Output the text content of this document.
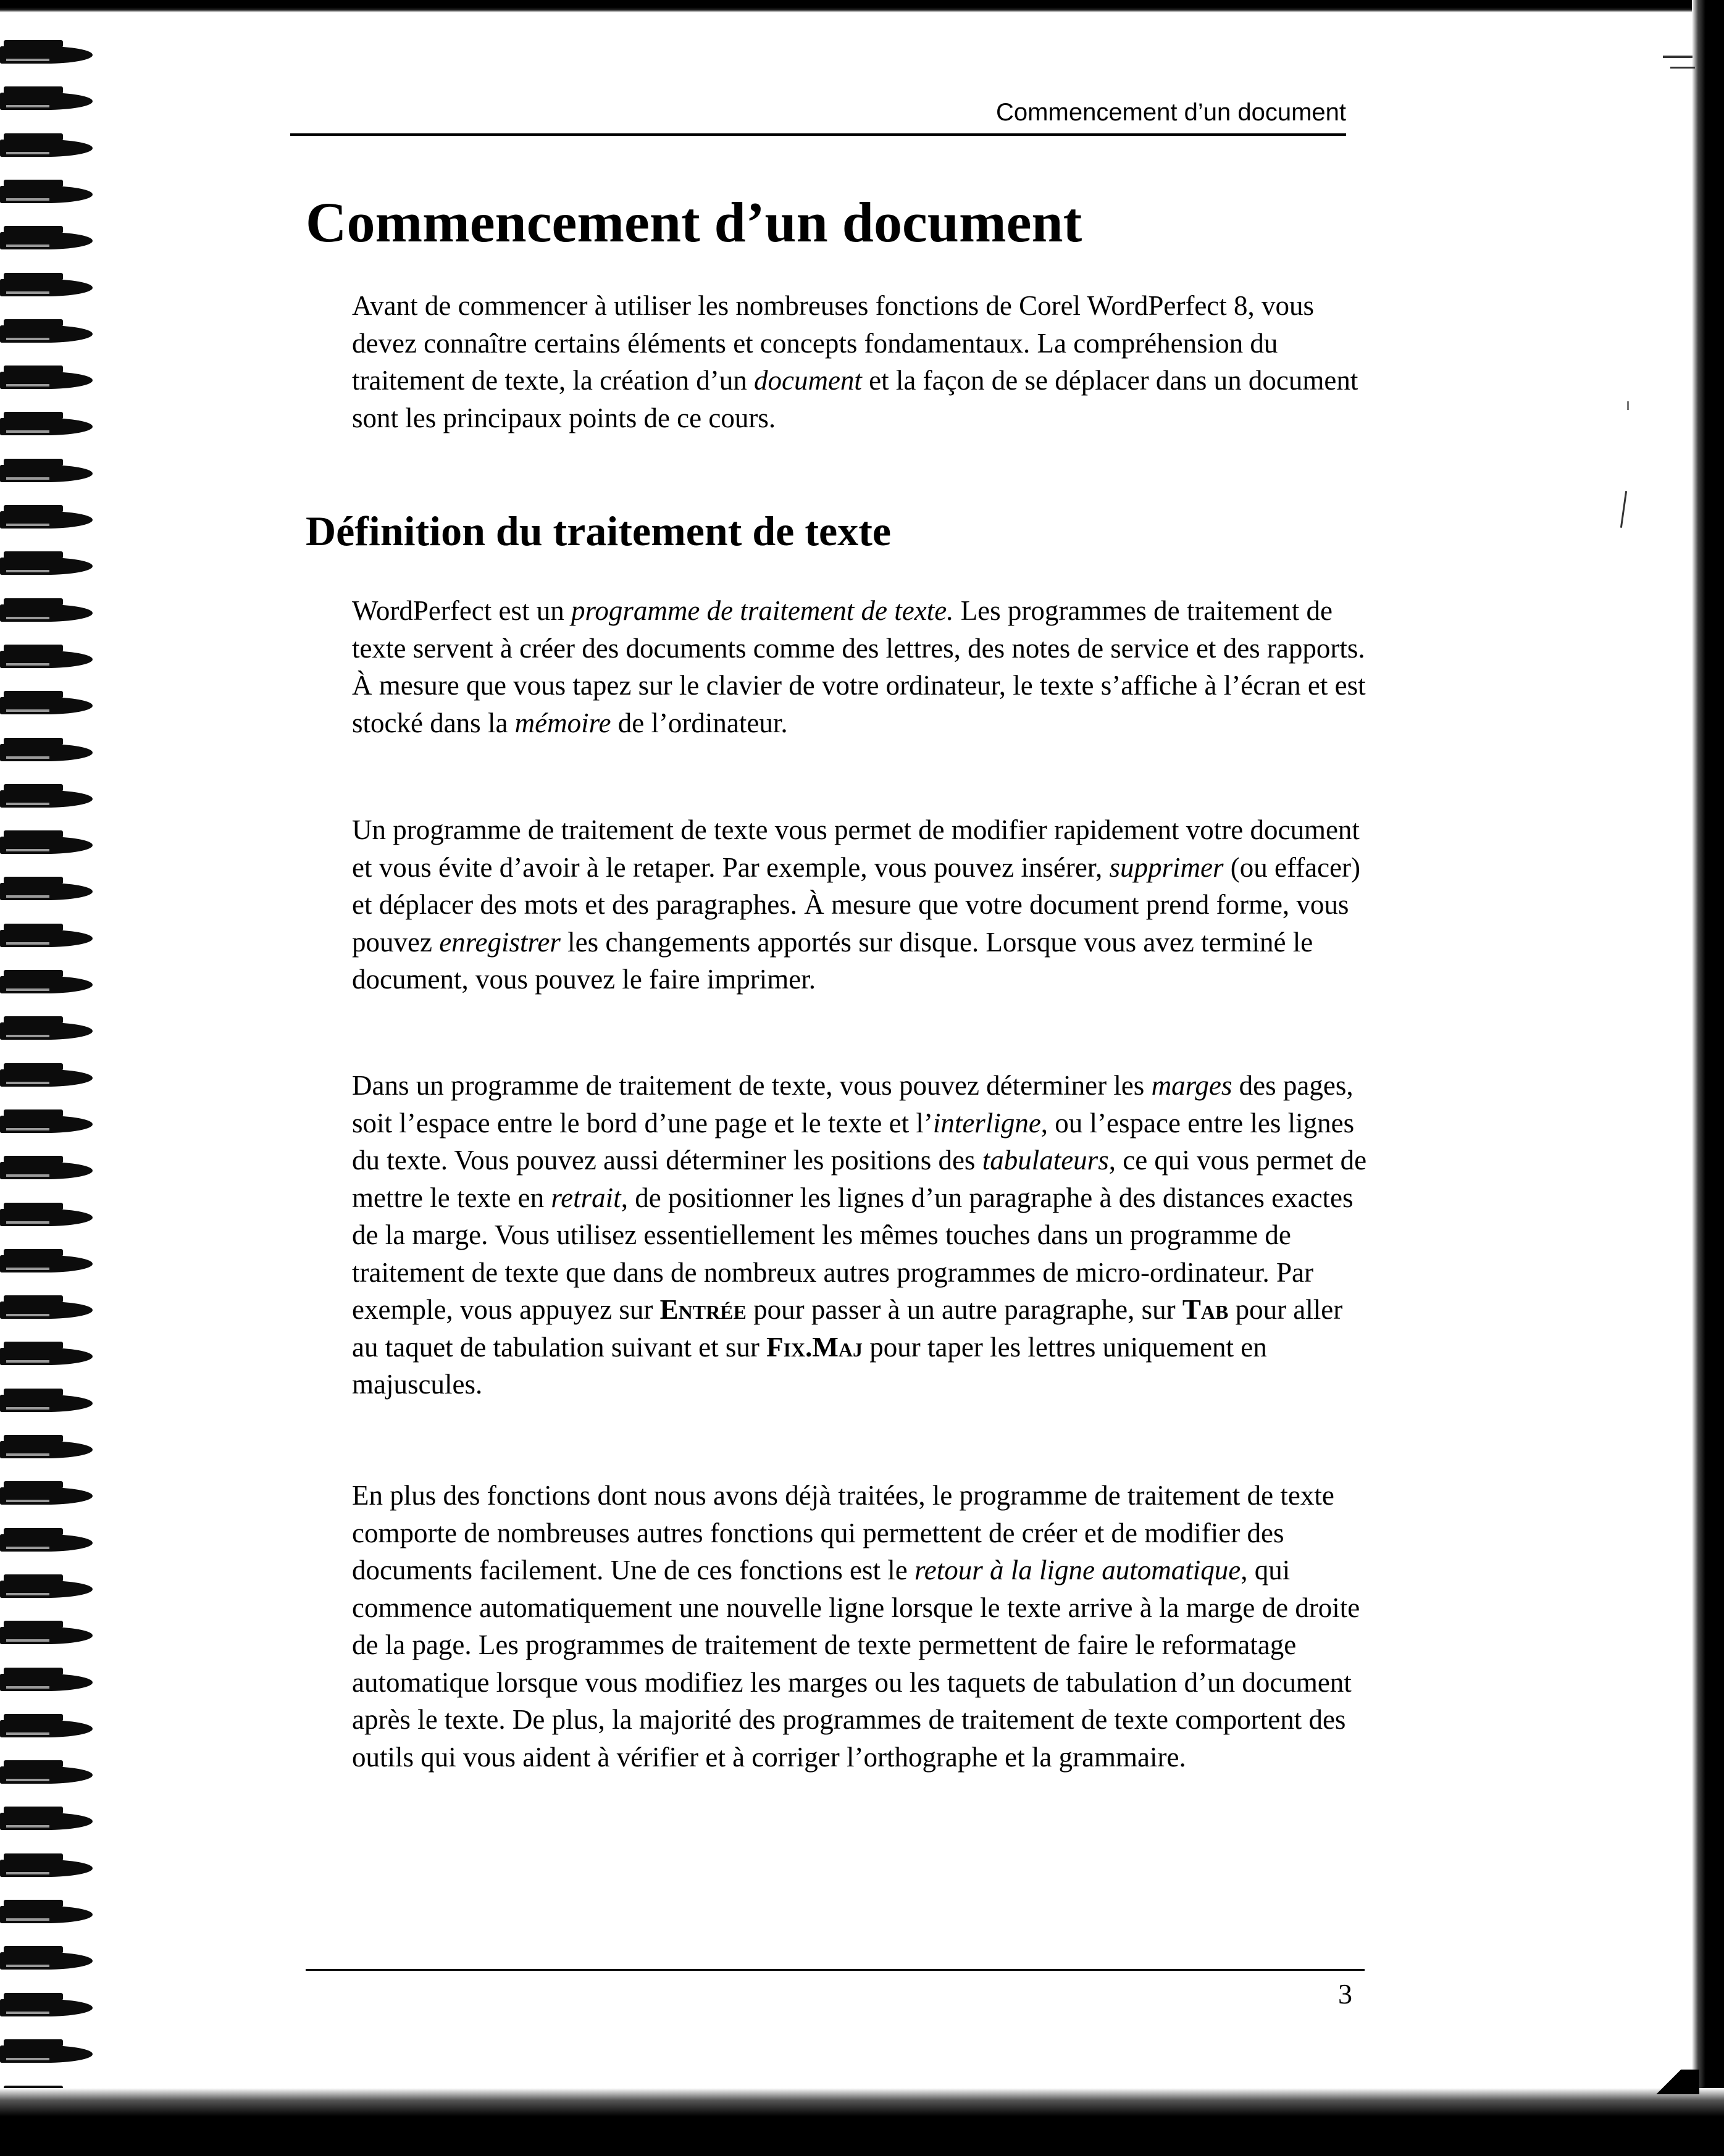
Commencement d’un document
Commencement d’un document

Avant de commencer à utiliser les nombreuses fonctions de Corel WordPerfect 8, vous devez connaître certains éléments et concepts fondamentaux. La compréhension du traitement de texte, la création d’un document et la façon de se déplacer dans un document sont les principaux points de ce cours.

Définition du traitement de texte

WordPerfect est un programme de traitement de texte. Les programmes de traitement de texte servent à créer des documents comme des lettres, des notes de service et des rapports. À mesure que vous tapez sur le clavier de votre ordinateur, le texte s’affiche à l’écran et est stocké dans la mémoire de l’ordinateur.

Un programme de traitement de texte vous permet de modifier rapidement votre document et vous évite d’avoir à le retaper. Par exemple, vous pouvez insérer, supprimer (ou effacer) et déplacer des mots et des paragraphes. À mesure que votre document prend forme, vous pouvez enregistrer les changements apportés sur disque. Lorsque vous avez terminé le document, vous pouvez le faire imprimer.

Dans un programme de traitement de texte, vous pouvez déterminer les marges des pages, soit l’espace entre le bord d’une page et le texte et l’interligne, ou l’espace entre les lignes du texte. Vous pouvez aussi déterminer les positions des tabulateurs, ce qui vous permet de mettre le texte en retrait, de positionner les lignes d’un paragraphe à des distances exactes de la marge. Vous utilisez essentiellement les mêmes touches dans un programme de traitement de texte que dans de nombreux autres programmes de micro-ordinateur. Par exemple, vous appuyez sur Entrée pour passer à un autre paragraphe, sur Tab pour aller au taquet de tabulation suivant et sur Fix.Maj pour taper les lettres uniquement en majuscules.

En plus des fonctions dont nous avons déjà traitées, le programme de traitement de texte comporte de nombreuses autres fonctions qui permettent de créer et de modifier des documents facilement. Une de ces fonctions est le retour à la ligne automatique, qui commence automatiquement une nouvelle ligne lorsque le texte arrive à la marge de droite de la page. Les programmes de traitement de texte permettent de faire le reformatage automatique lorsque vous modifiez les marges ou les taquets de tabulation d’un document après le texte. De plus, la majorité des programmes de traitement de texte comportent des outils qui vous aident à vérifier et à corriger l’orthographe et la grammaire.

3
